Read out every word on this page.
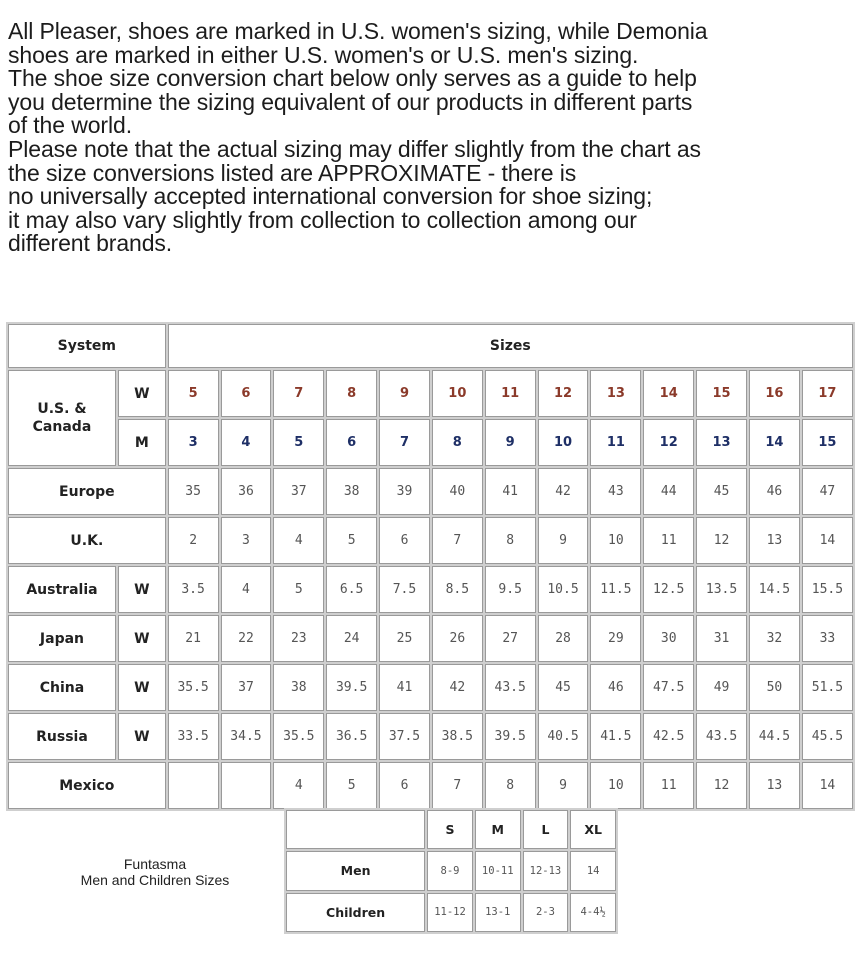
All Pleaser, shoes are marked in U.S. women's sizing, while Demonia

shoes are marked in either U.S. women's or U.S. men's sizing.

The shoe size conversion chart below only serves as a guide to help

you determine the sizing equivalent of our products in different parts

of the world.

Please note that the actual sizing may differ slightly from the chart as

the size conversions listed are APPROXIMATE - there is

no universally accepted international conversion for shoe sizing;

it may also vary slightly from collection to collection among our

different brands.

System		Sizes												

U.S. &
Canada	W	5	6	7	8	9	10	11	12	13	14	15	16	17
	M	3	4	5	6	7	8	9	10	11	12	13	14	15
Europe		35	36	37	38	39	40	41	42	43	44	45	46	47
U.K.		2	3	4	5	6	7	8	9	10	11	12	13	14
Australia	W	3.5	4	5	6.5	7.5	8.5	9.5	10.5	11.5	12.5	13.5	14.5	15.5
Japan	W	21	22	23	24	25	26	27	28	29	30	31	32	33
China	W	35.5	37	38	39.5	41	42	43.5	45	46	47.5	49	50	51.5
Russia	W	33.5	34.5	35.5	36.5	37.5	38.5	39.5	40.5	41.5	42.5	43.5	44.5	45.5
Mexico				4	5	6	7	8	9	10	11	12	13	14
Funtasma
Men and Children Sizes
	S	M	L	XL
Men	8-9	10-11	12-13	14
Children	11-12	13-1	2-3	4-4½
